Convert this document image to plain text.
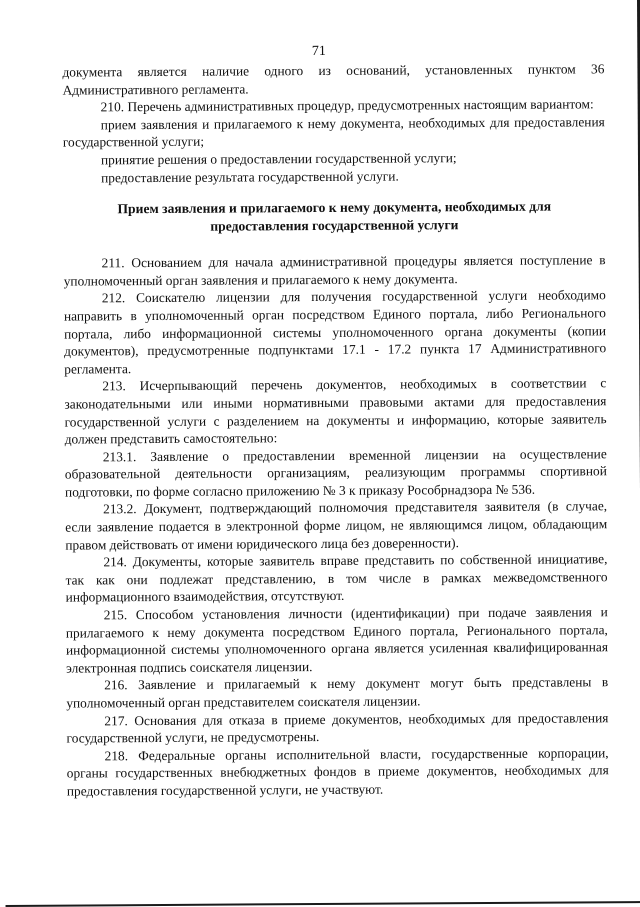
71

документа является наличие одного из оснований, установленных пунктом 36 Административного регламента.

210. Перечень административных процедур, предусмотренных настоящим вариантом:

прием заявления и прилагаемого к нему документа, необходимых для предоставления государственной услуги;

принятие решения о предоставлении государственной услуги;

предоставление результата государственной услуги.

Прием заявления и прилагаемого к нему документа, необходимых для предоставления государственной услуги

211. Основанием для начала административной процедуры является поступление в уполномоченный орган заявления и прилагаемого к нему документа.

212. Соискателю лицензии для получения государственной услуги необходимо направить в уполномоченный орган посредством Единого портала, либо Регионального портала, либо информационной системы уполномоченного органа документы (копии документов), предусмотренные подпунктами 17.1 - 17.2 пункта 17 Административного регламента.

213. Исчерпывающий перечень документов, необходимых в соответствии с законодательными или иными нормативными правовыми актами для предоставления государственной услуги с разделением на документы и информацию, которые заявитель должен представить самостоятельно:

213.1. Заявление о предоставлении временной лицензии на осуществление образовательной деятельности организациям, реализующим программы спортивной подготовки, по форме согласно приложению № 3 к приказу Рособрнадзора № 536.

213.2. Документ, подтверждающий полномочия представителя заявителя (в случае, если заявление подается в электронной форме лицом, не являющимся лицом, обладающим правом действовать от имени юридического лица без доверенности).

214. Документы, которые заявитель вправе представить по собственной инициативе, так как они подлежат представлению, в том числе в рамках межведомственного информационного взаимодействия, отсутствуют.

215. Способом установления личности (идентификации) при подаче заявления и прилагаемого к нему документа посредством Единого портала, Регионального портала, информационной системы уполномоченного органа является усиленная квалифицированная электронная подпись соискателя лицензии.

216. Заявление и прилагаемый к нему документ могут быть представлены в уполномоченный орган представителем соискателя лицензии.

217. Основания для отказа в приеме документов, необходимых для предоставления государственной услуги, не предусмотрены.

218. Федеральные органы исполнительной власти, государственные корпорации, органы государственных внебюджетных фондов в приеме документов, необходимых для предоставления государственной услуги, не участвуют.
